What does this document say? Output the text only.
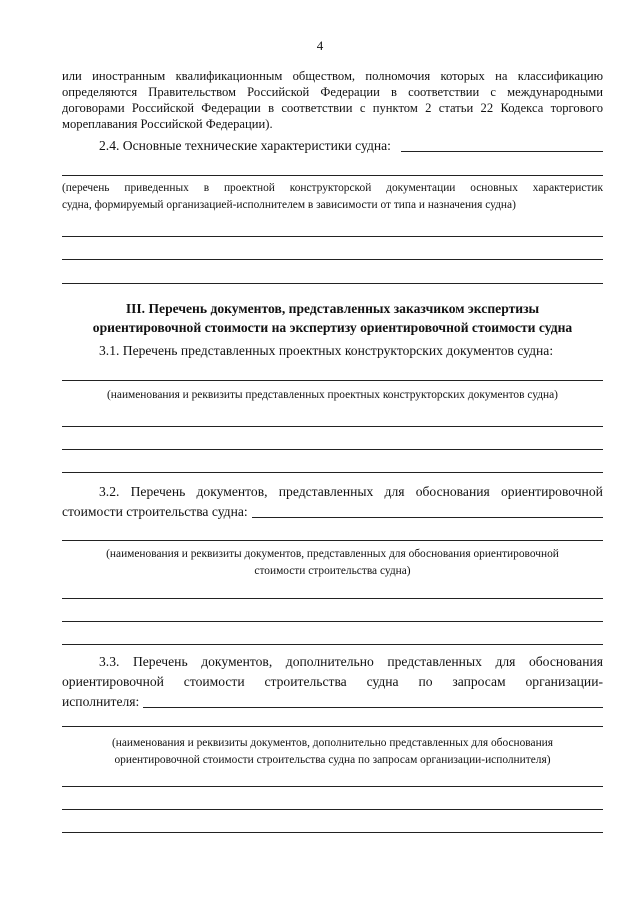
4
или иностранным квалификационным обществом, полномочия которых на классификацию
определяются Правительством Российской Федерации в соответствии с международными
договорами Российской Федерации в соответствии с пунктом 2 статьи 22 Кодекса торгового
мореплавания Российской Федерации).
2.4. Основные технические характеристики судна:
(перечень приведенных в проектной конструкторской документации основных характеристик
судна, формируемый организацией-исполнителем в зависимости от типа и назначения судна)
III. Перечень документов, представленных заказчиком экспертизы
ориентировочной стоимости на экспертизу ориентировочной стоимости судна
3.1. Перечень представленных проектных конструкторских документов судна:
(наименования и реквизиты представленных проектных конструкторских документов судна)
3.2. Перечень документов, представленных для обоснования ориентировочной
стоимости строительства судна:
(наименования и реквизиты документов, представленных для обоснования ориентировочной
стоимости строительства судна)
3.3. Перечень документов, дополнительно представленных для обоснования
ориентировочной стоимости строительства судна по запросам организации-
исполнителя:
(наименования и реквизиты документов, дополнительно представленных для обоснования
ориентировочной стоимости строительства судна по запросам организации-исполнителя)
